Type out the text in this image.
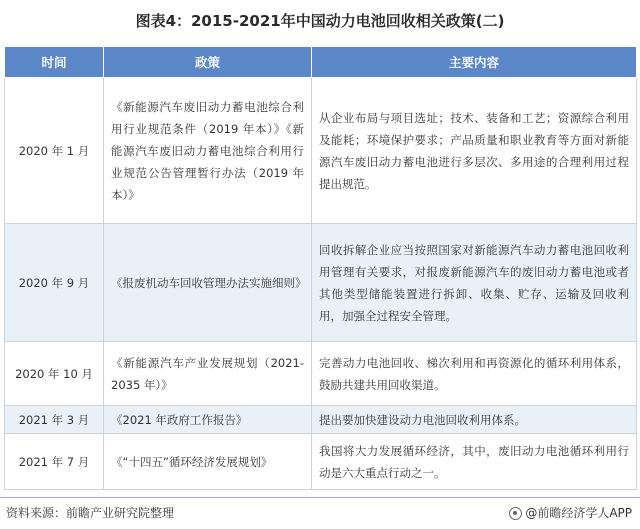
图表4：2015-2021年中国动力电池回收相关政策(二)
时间	政策	主要内容
2020 年 1 月	《新能源汽车废旧动力蓄电池综合利用行业规范条件（2019 年本）》《新能源汽车废旧动力蓄电池综合利用行业规范公告管理暂行办法（2019 年本）》	从企业布局与项目选址；技术、装备和工艺；资源综合利用及能耗；环境保护要求；产品质量和职业教育等方面对新能源汽车废旧动力蓄电池进行多层次、多用途的合理利用过程提出规范。
2020 年 9 月	《报废机动车回收管理办法实施细则》	回收拆解企业应当按照国家对新能源汽车动力蓄电池回收利用管理有关要求，对报废新能源汽车的废旧动力蓄电池或者其他类型储能装置进行拆卸、收集、贮存、运输及回收利用，加强全过程安全管理。
2020 年 10 月	《新能源汽车产业发展规划（2021-2035 年）》	完善动力电池回收、梯次利用和再资源化的循环利用体系，鼓励共建共用回收渠道。
2021 年 3 月	《2021 年政府工作报告》	提出要加快建设动力电池回收利用体系。
2021 年 7 月	《“十四五”循环经济发展规划》	我国将大力发展循环经济，其中，废旧动力电池循环利用行动是六大重点行动之一。
资料来源：前瞻产业研究院整理	@前瞻经济学人APP
